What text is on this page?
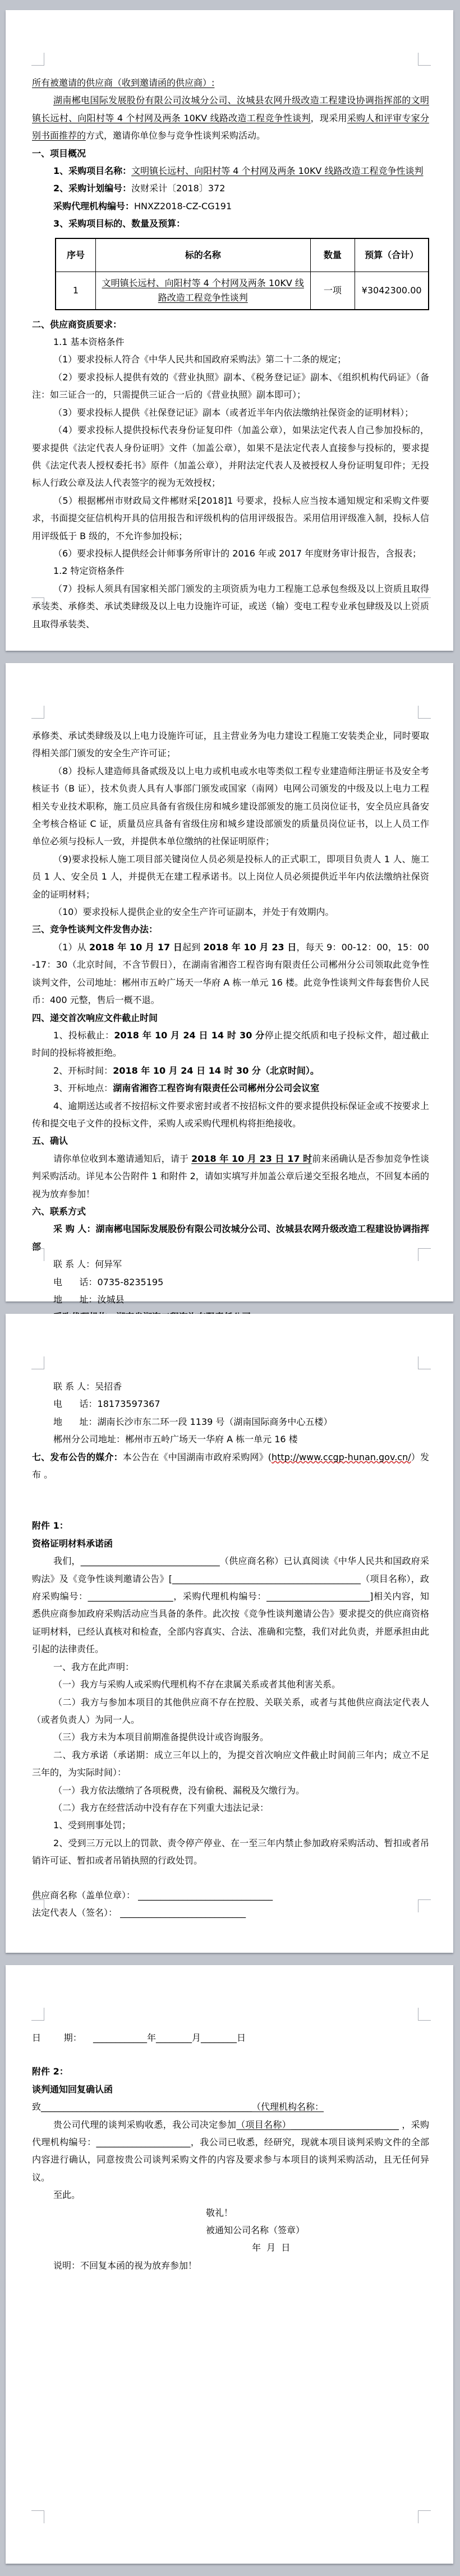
所有被邀请的供应商（收到邀请函的供应商）:

湖南郴电国际发展股份有限公司汝城分公司、汝城县农网升级改造工程建设协调指挥部的文明镇长远村、向阳村等 4 个村网及两条 10KV 线路改造工程竞争性谈判，现采用采购人和评审专家分别书面推荐的方式，邀请你单位参与竞争性谈判采购活动。

一、项目概况

1、采购项目名称：文明镇长远村、向阳村等 4 个村网及两条 10KV 线路改造工程竞争性谈判

2、采购计划编号：汝财采计〔2018〕372

采购代理机构编号：HNXZ2018-CZ-CG191

3、采购项目标的、数量及预算：

序号	标的名称	数量	预算（合计）
1	文明镇长远村、向阳村等 4 个村网及两条 10KV 线路改造工程竞争性谈判	一项	¥3042300.00

二、供应商资质要求：

1.1 基本资格条件

（1）要求投标人符合《中华人民共和国政府采购法》第二十二条的规定；

（2）要求投标人提供有效的《营业执照》副本、《税务登记证》副本、《组织机构代码证》（备注：如三证合一的，只需提供三证合一后的《营业执照》副本即可）；

（3）要求投标人提供《社保登记证》副本（或者近半年内依法缴纳社保资金的证明材料）；

（4）要求投标人提供投标代表身份证复印件（加盖公章），如果法定代表人自己参加投标的，要求提供《法定代表人身份证明》文件（加盖公章），如果不是法定代表人直接参与投标的，要求提供《法定代表人授权委托书》原件（加盖公章），并附法定代表人及被授权人身份证明复印件；无投标人行政公章及法人代表签字的视为无效授权；

（5）根据郴州市财政局文件郴财采[2018]1 号要求，投标人应当按本通知规定和采购文件要求，书面提交征信机构开具的信用报告和评级机构的信用评级报告。采用信用评级准入制，投标人信用评级低于 B 级的，不允许参加投标；

（6）要求投标人提供经会计师事务所审计的 2016 年或 2017 年度财务审计报告，含报表；

1.2 特定资格条件

（7）投标人须具有国家相关部门颁发的主项资质为电力工程施工总承包叁级及以上资质且取得承装类、承修类、承试类肆级及以上电力设施许可证，或送（输）变电工程专业承包肆级及以上资质且取得承装类、

承修类、承试类肆级及以上电力设施许可证，且主营业务为电力建设工程施工安装类企业，同时要取得相关部门颁发的安全生产许可证；

（8）投标人建造师具备贰级及以上电力或机电或水电等类似工程专业建造师注册证书及安全考核证书（B 证），技术负责人具有人事部门颁发或国家（南网）电网公司颁发的中级及以上电力工程相关专业技术职称，施工员应具备有省级住房和城乡建设部颁发的施工员岗位证书，安全员应具备安全考核合格证 C 证，质量员应具备有省级住房和城乡建设部颁发的质量员岗位证书，以上人员工作单位必须与投标人一致，并提供本单位缴纳的社保证明原件；

（9)要求投标人施工项目部关键岗位人员必须是投标人的正式职工，即项目负责人 1 人、施工员 1 人、安全员 1 人，并提供无在建工程承诺书。以上岗位人员必须提供近半年内依法缴纳社保资金的证明材料；

（10）要求投标人提供企业的安全生产许可证副本，并处于有效期内。

三、竞争性谈判文件发售办法：

（1）从 2018 年 10 月 17 日起到 2018 年 10 月 23 日，每天 9：00-12：00，15：00-17：30（北京时间，不含节假日），在湖南省湘咨工程咨询有限责任公司郴州分公司领取此竞争性谈判文件，公司地址：郴州市五岭广场天一华府 A 栋一单元 16 楼。此竞争性谈判文件每套售价人民币：400 元整，售后一概不退。

四、递交首次响应文件截止时间

1、投标截止：2018 年 10 月 24 日 14 时 30 分停止提交纸质和电子投标文件，超过截止时间的投标将被拒绝。

2、开标时间：2018 年 10 月 24 日 14 时 30 分（北京时间）。

3、开标地点：湖南省湘咨工程咨询有限责任公司郴州分公司会议室

4、逾期送达或者不按招标文件要求密封或者不按招标文件的要求提供投标保证金或不按要求上传和提交电子文件的投标文件，采购人或采购代理机构将拒绝接收。

五、确认

请你单位收到本邀请通知后，请于 2018 年 10 月 23 日 17 时前来函确认是否参加竞争性谈判采购活动。详见本公告附件 1 和附件 2，请如实填写并加盖公章后递交至报名地点，不回复本函的视为放弃参加！

六、联系方式

采 购 人：湖南郴电国际发展股份有限公司汝城分公司、汝城县农网升级改造工程建设协调指挥部

联 系 人：何异军

电      话：0735-8235195

地      址：汝城县

联 系 人：吴招香

电      话：18173597367

地      址：湖南长沙市东二环一段 1139 号（湖南国际商务中心五楼）

郴州分公司地址：郴州市五岭广场天一华府 A 栋一单元 16 楼

七、发布公告的媒介：本公告在《中国湖南市政府采购网》(http://www.ccgp-hunan.gov.cn/）发布 。

附件 1：

资格证明材料承诺函

我们，_______________________________（供应商名称）已认真阅读《中华人民共和国政府采购法》及《竞争性谈判邀请公告》[__________________________________________（项目名称），政府采购编号：___________________，采购代理机构编号：_______________________]相关内容，知悉供应商参加政府采购活动应当具备的条件。此次按《竞争性谈判邀请公告》要求提交的供应商资格证明材料，已经认真核对和检查，全部内容真实、合法、准确和完整，我们对此负责，并愿承担由此引起的法律责任。

一、我方在此声明：

（一）我方与采购人或采购代理机构不存在隶属关系或者其他利害关系。

（二）我方与参加本项目的其他供应商不存在控股、关联关系，或者与其他供应商法定代表人（或者负责人）为同一人。

（三）我方未为本项目前期准备提供设计或咨询服务。

二、我方承诺（承诺期：成立三年以上的，为提交首次响应文件截止时间前三年内；成立不足三年的，为实际时间）：

（一）我方依法缴纳了各项税费，没有偷税、漏税及欠缴行为。

（二）我方在经营活动中没有存在下列重大违法记录：

1、受到刑事处罚；

2、受到三万元以上的罚款、责令停产停业、在一至三年内禁止参加政府采购活动、暂扣或者吊销许可证、暂扣或者吊销执照的行政处罚。

供应商名称（盖单位章）： ______________________________

法定代表人（签名）： ____________________________

日        期：    ____________年________月________日

附件 2：

谈判通知回复确认函

致_______________________________________________（代理机构名称：

贵公司代理的谈判采购收悉，我公司决定参加（项目名称）________________________ ，采购代理机构编号：_____________________，我公司已收悉，经研究，现就本项目谈判采购文件的全部内容进行确认，同意按贵公司谈判采购文件的内容及要求参与本项目的谈判采购活动，且无任何异议。

至此。

敬礼！

被通知公司名称（签章）

年  月  日

说明：不回复本函的视为放弃参加！
